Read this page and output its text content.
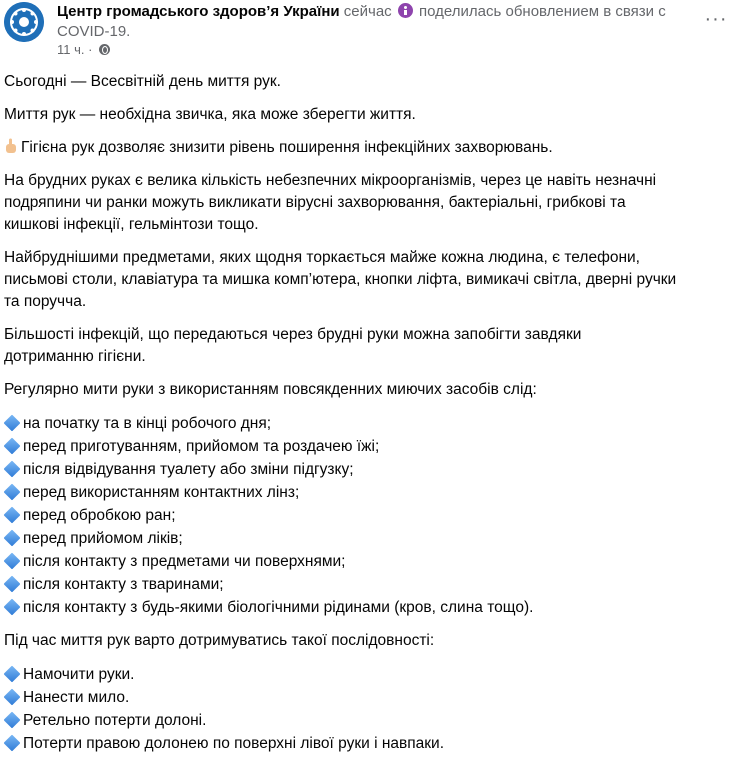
Центр громадського здоров’я України сейчас поделилась обновлением в связи с COVID-19.
11 ч. ·
···

Сьогодні — Всесвітній день миття рук.

Миття рук — необхідна звичка, яка може зберегти життя.

Гігієна рук дозволяє знизити рівень поширення інфекційних захворювань.

На брудних руках є велика кількість небезпечних мікроорганізмів, через це навіть незначні
подряпини чи ранки можуть викликати вірусні захворювання, бактеріальні, грибкові та
кишкові інфекції, гельмінтози тощо.

Найбруднішими предметами, яких щодня торкається майже кожна людина, є телефони,
письмові столи, клавіатура та мишка комп’ютера, кнопки ліфта, вимикачі світла, дверні ручки
та поручча.

Більшості інфекцій, що передаються через брудні руки можна запобігти завдяки
дотриманню гігієни.

Регулярно мити руки з використанням повсякденних миючих засобів слід:

на початку та в кінці робочого дня;
перед приготуванням, прийомом та роздачею їжі;
після відвідування туалету або зміни підгузку;
перед використанням контактних лінз;
перед обробкою ран;
перед прийомом ліків;
після контакту з предметами чи поверхнями;
після контакту з тваринами;
після контакту з будь-якими біологічними рідинами (кров, слина тощо).

Під час миття рук варто дотримуватись такої послідовності:

Намочити руки.
Нанести мило.
Ретельно потерти долоні.
Потерти правою долонею по поверхні лівої руки і навпаки.
